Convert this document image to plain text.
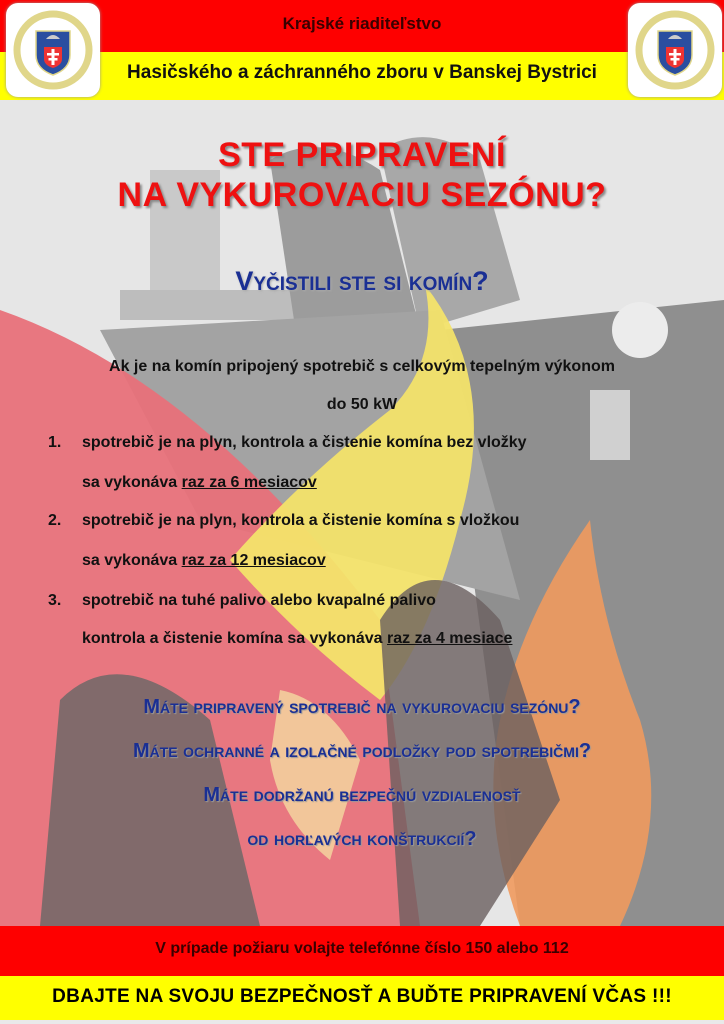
Krajské riaditeľstvo
Hasičského a záchranného zboru v Banskej Bystrici
STE PRIPRAVENÍ
NA VYKUROVACIU SEZÓNU?
Vyčistili ste si komín?
Ak je na komín pripojený spotrebič s celkovým tepelným výkonom
do 50 kW
1. spotrebič je na plyn, kontrola a čistenie komína bez vložky
sa vykonáva raz za 6 mesiacov
2. spotrebič je na plyn, kontrola a čistenie komína s vložkou
sa vykonáva raz za 12 mesiacov
3. spotrebič na tuhé palivo alebo kvapalné palivo
kontrola a čistenie komína sa vykonáva raz za 4 mesiace
Máte pripravený spotrebič na vykurovaciu sezónu?
Máte ochranné a izolačné podložky pod spotrebičmi?
Máte dodržanú bezpečnú vzdialenosť
od horľavých konštrukcií?
V prípade požiaru volajte telefónne číslo 150 alebo 112
DBAJTE NA SVOJU BEZPEČNOSŤ A BUĎTE PRIPRAVENÍ VČAS !!!
